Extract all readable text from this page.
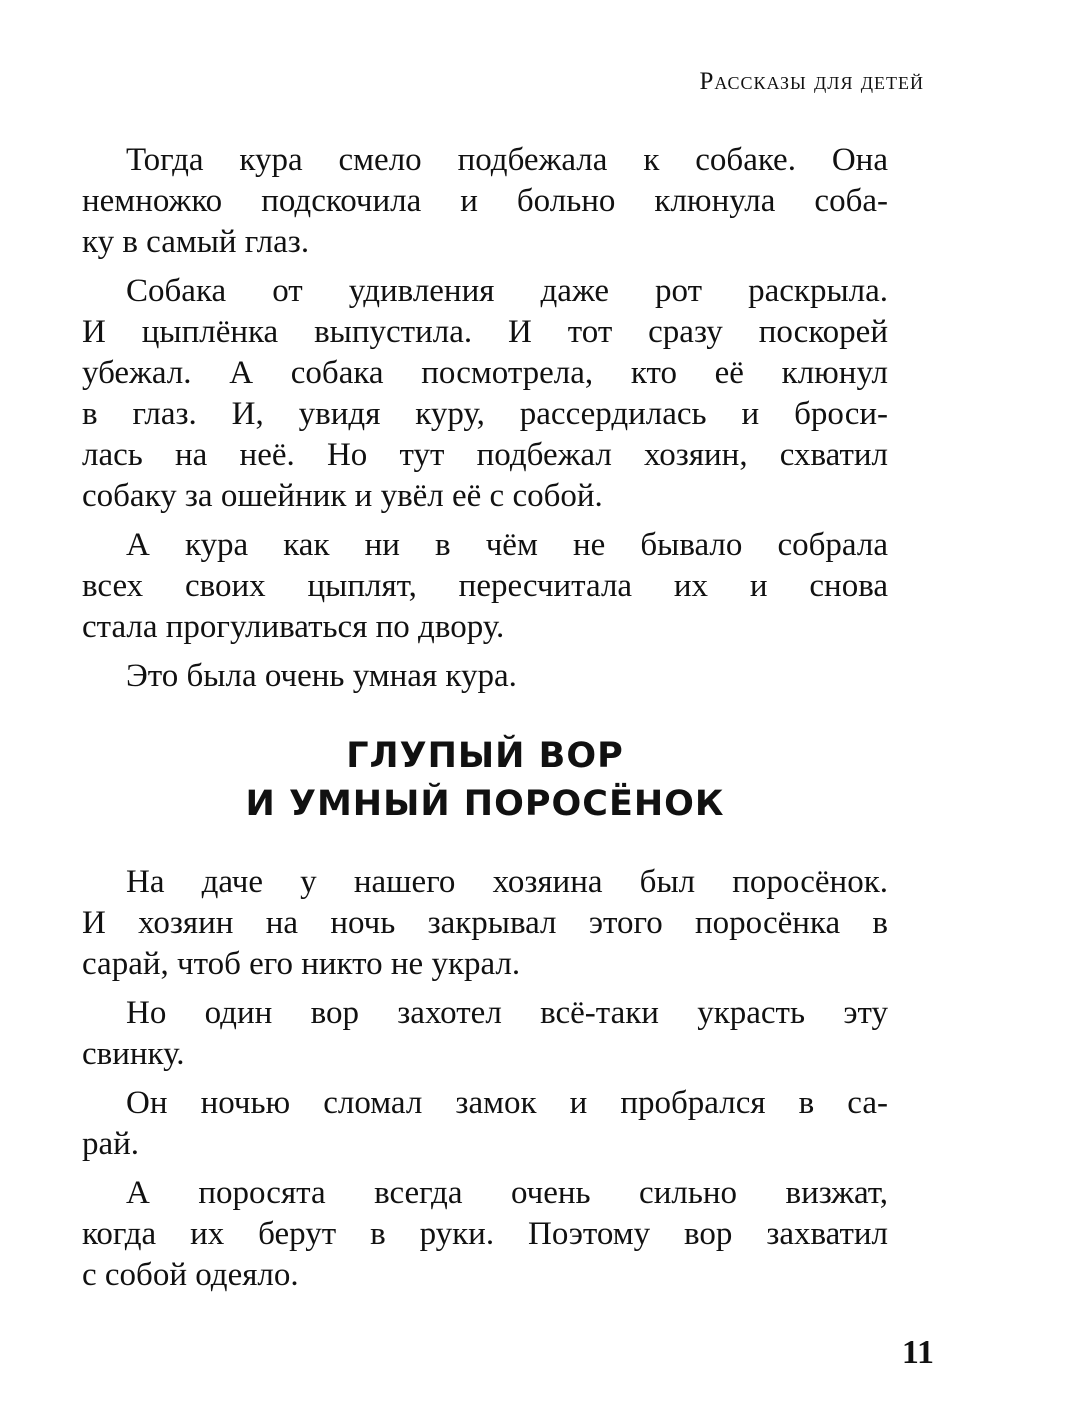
Рассказы для детей

Тогда кура смело подбежала к собаке. Она
немножко подскочила и больно клюнула соба-
ку в самый глаз.

Собака от удивления даже рот раскрыла.
И цыплёнка выпустила. И тот сразу поскорей
убежал. А собака посмотрела, кто её клюнул
в глаз. И, увидя куру, рассердилась и броси-
лась на неё. Но тут подбежал хозяин, схватил
собаку за ошейник и увёл её с собой.

А кура как ни в чём не бывало собрала
всех своих цыплят, пересчитала их и снова
стала прогуливаться по двору.

Это была очень умная кура.

ГЛУПЫЙ ВОР
И УМНЫЙ ПОРОСЁНОК

На даче у нашего хозяина был поросёнок.
И хозяин на ночь закрывал этого поросёнка в
сарай, чтоб его никто не украл.

Но один вор захотел всё-таки украсть эту
свинку.

Он ночью сломал замок и пробрался в са-
рай.

А поросята всегда очень сильно визжат,
когда их берут в руки. Поэтому вор захватил
с собой одеяло.

11
